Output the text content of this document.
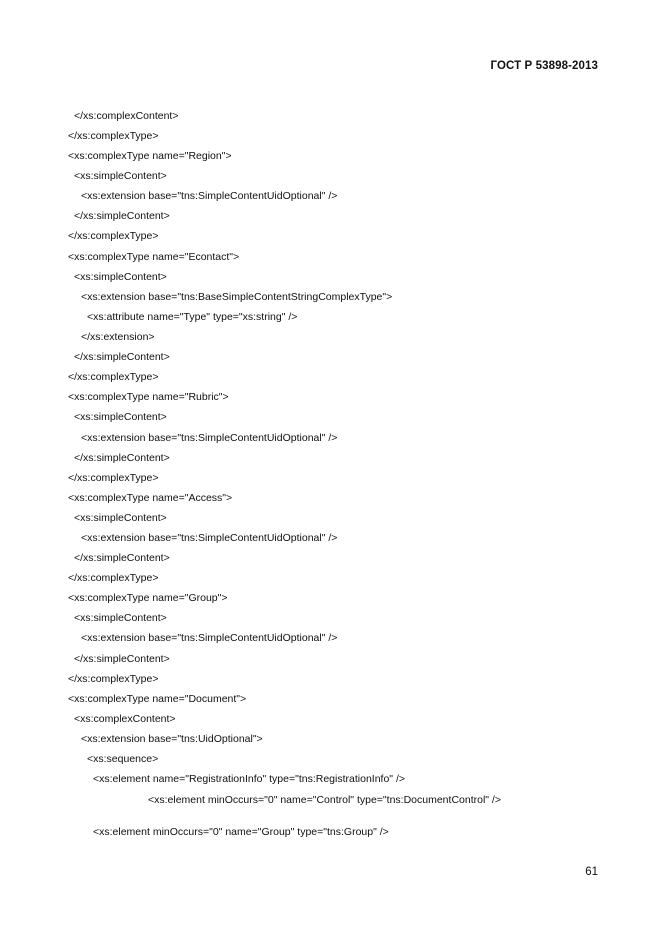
ГОСТ Р 53898-2013
</xs:complexContent>
</xs:complexType>
<xs:complexType name="Region">
<xs:simpleContent>
<xs:extension base="tns:SimpleContentUidOptional" />
</xs:simpleContent>
</xs:complexType>
<xs:complexType name="Econtact">
<xs:simpleContent>
<xs:extension base="tns:BaseSimpleContentStringComplexType">
<xs:attribute name="Type" type="xs:string" />
</xs:extension>
</xs:simpleContent>
</xs:complexType>
<xs:complexType name="Rubric">
<xs:simpleContent>
<xs:extension base="tns:SimpleContentUidOptional" />
</xs:simpleContent>
</xs:complexType>
<xs:complexType name="Access">
<xs:simpleContent>
<xs:extension base="tns:SimpleContentUidOptional" />
</xs:simpleContent>
</xs:complexType>
<xs:complexType name="Group">
<xs:simpleContent>
<xs:extension base="tns:SimpleContentUidOptional" />
</xs:simpleContent>
</xs:complexType>
<xs:complexType name="Document">
<xs:complexContent>
<xs:extension base="tns:UidOptional">
<xs:sequence>
<xs:element name="RegistrationInfo" type="tns:RegistrationInfo" />
<xs:element minOccurs="0" name="Control" type="tns:DocumentControl" />
<xs:element minOccurs="0" name="Group" type="tns:Group" />
61
